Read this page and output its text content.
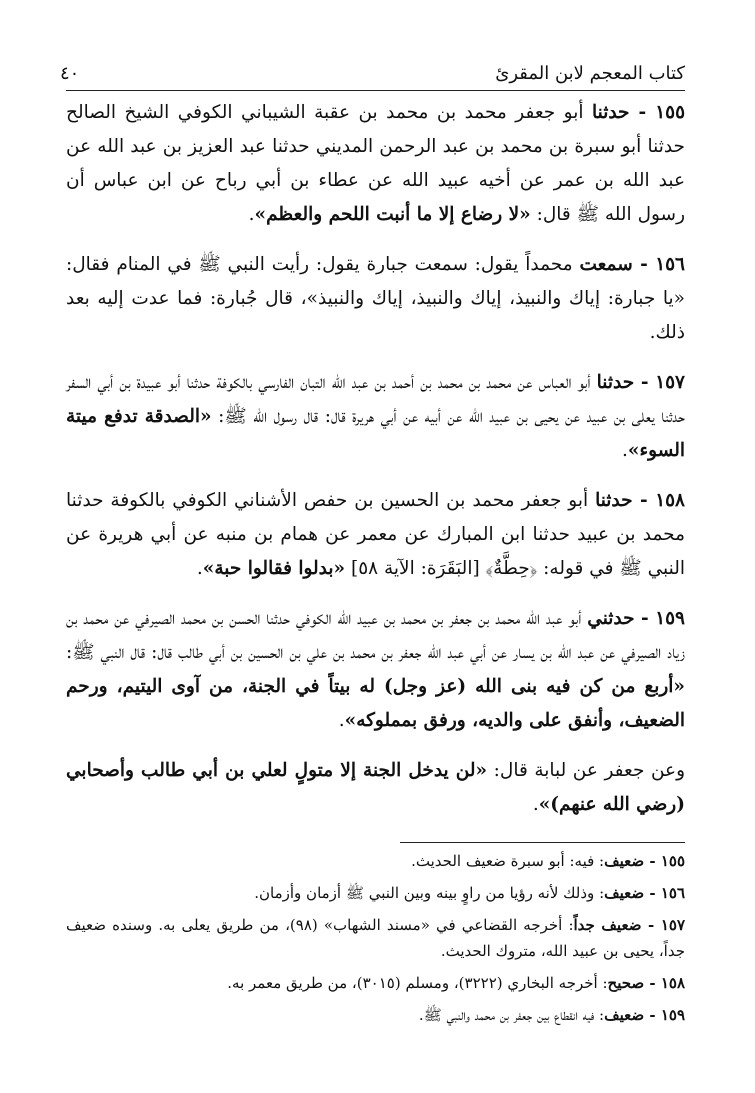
كتاب المعجم لابن المقرئ
٤٠

١٥٥ - حدثنا أبو جعفر محمد بن محمد بن عقبة الشيباني الكوفي الشيخ الصالح حدثنا أبو سبرة بن محمد بن عبد الرحمن المديني حدثنا عبد العزيز بن عبد الله عن عبد الله بن عمر عن أخيه عبيد الله عن عطاء بن أبي رباح عن ابن عباس أن رسول الله ﷺ قال: «لا رضاع إلا ما أنبت اللحم والعظم».

١٥٦ - سمعت محمداً يقول: سمعت جبارة يقول: رأيت النبي ﷺ في المنام فقال: «يا جبارة: إياك والنبيذ، إياك والنبيذ، إياك والنبيذ»، قال جُبارة: فما عدت إليه بعد ذلك.

١٥٧ - حدثنا أبو العباس عن محمد بن محمد بن أحمد بن عبد الله التبان الفارسي بالكوفة حدثنا أبو عبيدة بن أبي السفر حدثنا يعلى بن عبيد عن يحيى بن عبيد الله عن أبيه عن أبي هريرة قال: قال رسول الله ﷺ: «الصدقة تدفع ميتة السوء».

١٥٨ - حدثنا أبو جعفر محمد بن الحسين بن حفص الأشناني الكوفي بالكوفة حدثنا محمد بن عبيد حدثنا ابن المبارك عن معمر عن همام بن منبه عن أبي هريرة عن النبي ﷺ في قوله: ﴿حِطَّةٌ﴾ [البَقَرَة: الآية ٥٨] «بدلوا فقالوا حبة».

١٥٩ - حدثني أبو عبد الله محمد بن جعفر بن محمد بن عبيد الله الكوفي حدثنا الحسن بن محمد الصيرفي عن محمد بن زياد الصيرفي عن عبد الله بن يسار عن أبي عبد الله جعفر بن محمد بن علي بن الحسين بن أبي طالب قال: قال النبي ﷺ: «أربع من كن فيه بنى الله (عز وجل) له بيتاً في الجنة، من آوى اليتيم، ورحم الضعيف، وأنفق على والديه، ورفق بمملوكه».

وعن جعفر عن لبابة قال: «لن يدخل الجنة إلا متولٍ لعلي بن أبي طالب وأصحابي (رضي الله عنهم)».

١٥٥ - ضعيف: فيه: أبو سبرة ضعيف الحديث.

١٥٦ - ضعيف: وذلك لأنه رؤيا من راوٍ بينه وبين النبي ﷺ أزمان وأزمان.

١٥٧ - ضعيف جداً: أخرجه القضاعي في «مسند الشهاب» (٩٨)، من طريق يعلى به. وسنده ضعيف جداً، يحيى بن عبيد الله، متروك الحديث.

١٥٨ - صحيح: أخرجه البخاري (٣٢٢٢)، ومسلم (٣٠١٥)، من طريق معمر به.

١٥٩ - ضعيف: فيه انقطاع بين جعفر بن محمد والنبي ﷺ.
